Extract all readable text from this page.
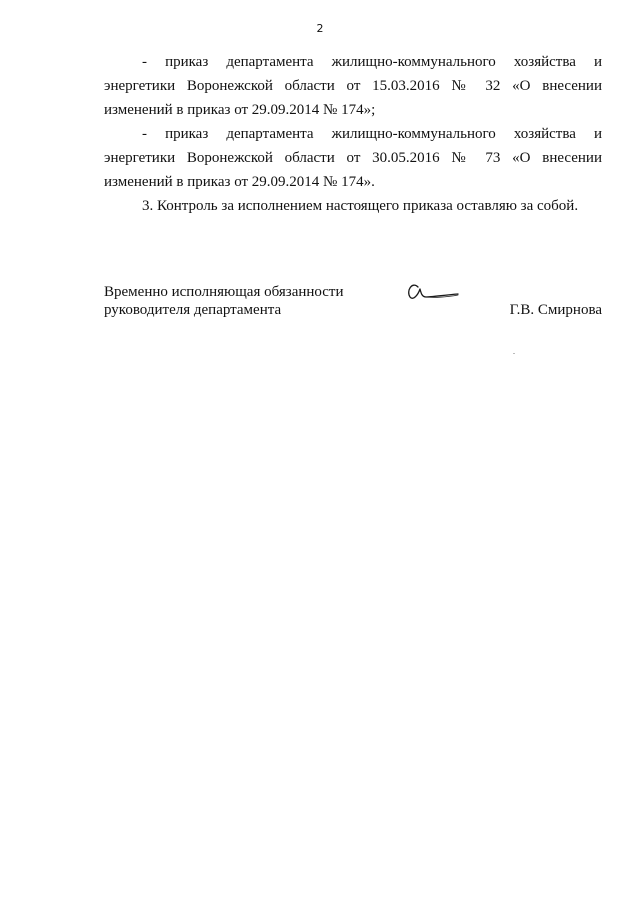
2

- приказ департамента жилищно-коммунального хозяйства и энергетики Воронежской области от 15.03.2016 № 32 «О внесении изменений в приказ от 29.09.2014 № 174»;

- приказ департамента жилищно-коммунального хозяйства и энергетики Воронежской области от 30.05.2016 № 73 «О внесении изменений в приказ от 29.09.2014 № 174».

3. Контроль за исполнением настоящего приказа оставляю за собой.

Временно исполняющая обязанности
руководителя департамента	Г.В. Смирнова
